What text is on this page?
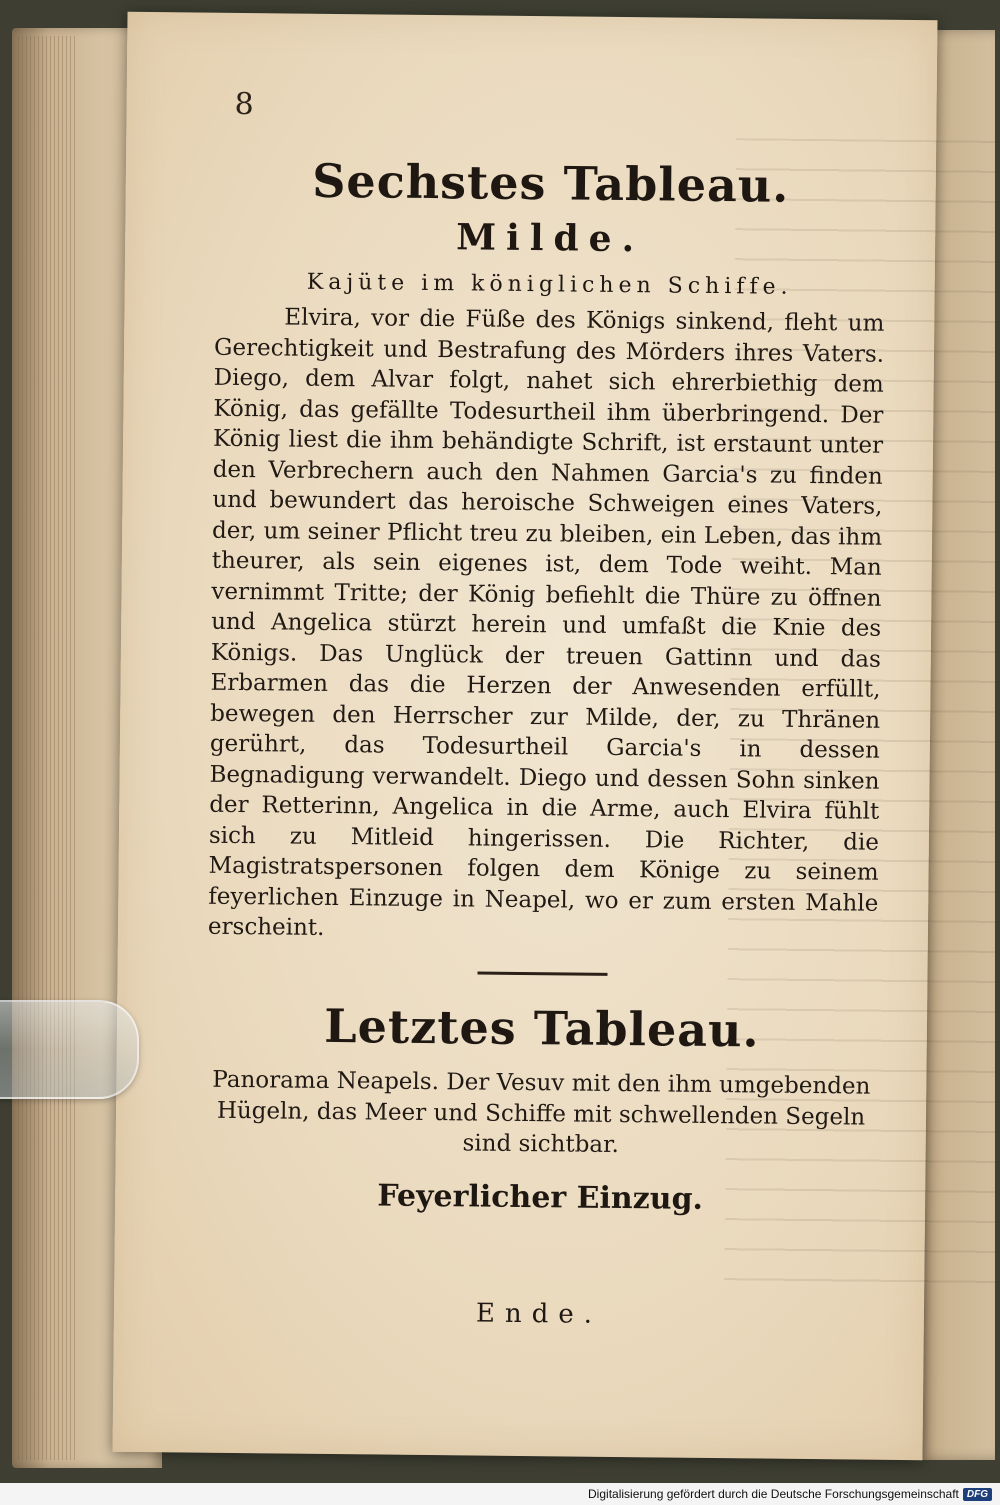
8

Sechstes Tableau.

Milde.

Kajüte im königlichen Schiffe.

Elvira, vor die Füße des Königs sinkend, fleht um Gerechtigkeit und Bestrafung des Mörders ihres Vaters. Diego, dem Alvar folgt, nahet sich ehrerbiethig dem König, das gefällte Todesurtheil ihm überbringend. Der König liest die ihm behändigte Schrift, ist erstaunt unter den Verbrechern auch den Nahmen Garcia's zu finden und bewundert das heroische Schweigen eines Vaters, der, um seiner Pflicht treu zu bleiben, ein Leben, das ihm theurer, als sein eigenes ist, dem Tode weiht. Man vernimmt Tritte; der König befiehlt die Thüre zu öffnen und Angelica stürzt herein und umfaßt die Knie des Königs. Das Unglück der treuen Gattinn und das Erbarmen das die Herzen der Anwesenden erfüllt, bewegen den Herrscher zur Milde, der, zu Thränen gerührt, das Todesurtheil Garcia's in dessen Begnadigung verwandelt. Diego und dessen Sohn sinken der Retterinn, Angelica in die Arme, auch Elvira fühlt sich zu Mitleid hingerissen. Die Richter, die Magistratspersonen folgen dem Könige zu seinem feyerlichen Einzuge in Neapel, wo er zum ersten Mahle erscheint.

Letztes Tableau.

Panorama Neapels. Der Vesuv mit den ihm umgebenden Hügeln, das Meer und Schiffe mit schwellenden Segeln sind sichtbar.

Feyerlicher Einzug.

Ende.
Digitalisierung gefördert durch die Deutsche Forschungsgemeinschaft DFG
